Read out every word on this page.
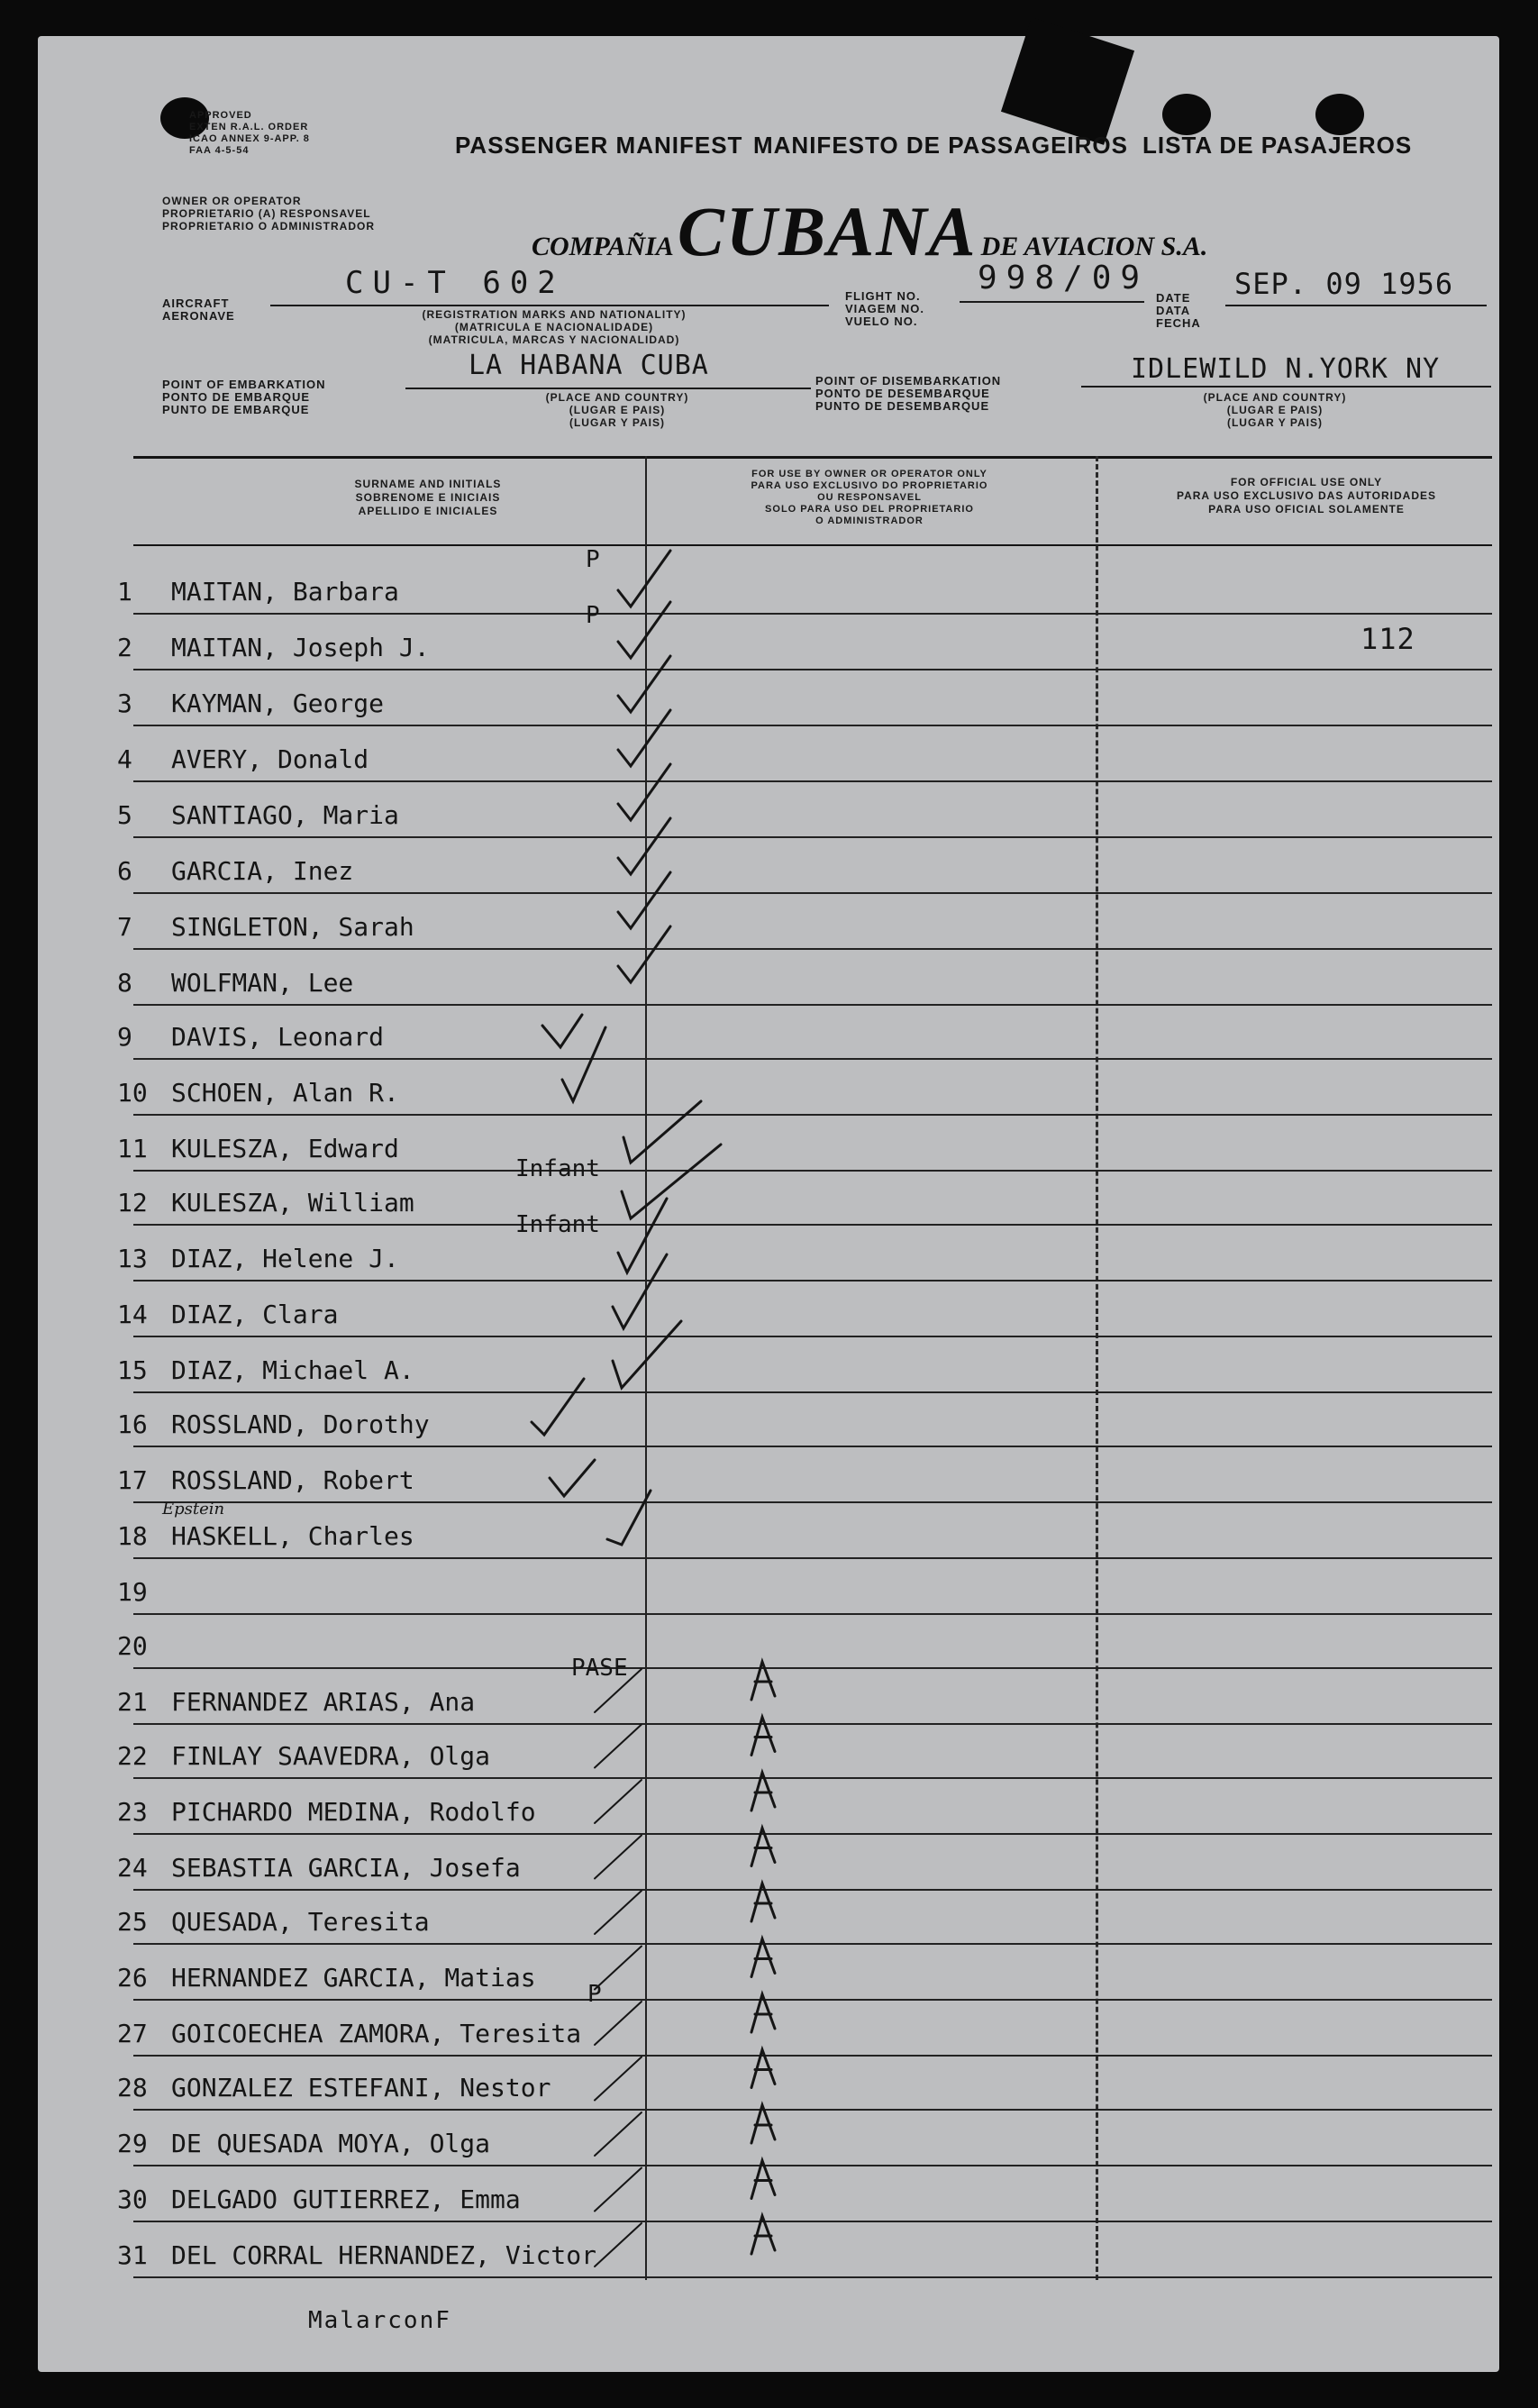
APPROVED
EXTEN R.A.L. ORDER
ICAO ANNEX 9-APP. 8
FAA 4-5-54	PASSENGER MANIFEST MANIFESTO DE PASSAGEIROS LISTA DE PASAJEROS
OWNER OR OPERATOR
PROPRIETARIO (A) RESPONSAVEL
PROPRIETARIO O ADMINISTRADOR
COMPAÑIA CUBANA DE AVIACION S.A.
AIRCRAFT
AERONAVE
CU-T 602
(REGISTRATION MARKS AND NATIONALITY)
(MATRICULA E NACIONALIDADE)
(MATRICULA, MARCAS Y NACIONALIDAD)
FLIGHT NO.
VIAGEM NO.
VUELO NO.
998/09
DATE
DATA
FECHA
SEP. 09 1956
POINT OF EMBARKATION
PONTO DE EMBARQUE
PUNTO DE EMBARQUE
LA HABANA CUBA
(PLACE AND COUNTRY)
(LUGAR E PAIS)
(LUGAR Y PAIS)
POINT OF DISEMBARKATION
PONTO DE DESEMBARQUE
PUNTO DE DESEMBARQUE
IDLEWILD N.YORK NY
(PLACE AND COUNTRY)
(LUGAR E PAIS)
(LUGAR Y PAIS)
SURNAME AND INITIALS
SOBRENOME E INICIAIS
APELLIDO E INICIALES
FOR USE BY OWNER OR OPERATOR ONLY
PARA USO EXCLUSIVO DO PROPRIETARIO
OU RESPONSAVEL
SOLO PARA USO DEL PROPRIETARIO
O ADMINISTRADOR
FOR OFFICIAL USE ONLY
PARA USO EXCLUSIVO DAS AUTORIDADES
PARA USO OFICIAL SOLAMENTE
1	MAITAN, Barbara
P
2	MAITAN, Joseph J.
P
3	KAYMAN, George
4	AVERY, Donald
5	SANTIAGO, Maria
6	GARCIA, Inez
7	SINGLETON, Sarah
8	WOLFMAN, Lee
9	DAVIS, Leonard
10 SCHOEN, Alan R.
11 KULESZA, Edward
12 KULESZA, William
Infant
13 DIAZ, Helene J.
Infant
14 DIAZ, Clara
15 DIAZ, Michael A.
16 ROSSLAND, Dorothy
17 ROSSLAND, Robert
18 HASKELL, Charles
Epstein
19
20
21 FERNANDEZ ARIAS, Ana
PASE
22 FINLAY SAAVEDRA, Olga
23 PICHARDO MEDINA, Rodolfo
24 SEBASTIA GARCIA, Josefa
25 QUESADA, Teresita
26 HERNANDEZ GARCIA, Matias
27 GOICOECHEA ZAMORA, Teresita
P
28 GONZALEZ ESTEFANI, Nestor
29 DE QUESADA MOYA, Olga
30 DELGADO GUTIERREZ, Emma
31 DEL CORRAL HERNANDEZ, Victor
112
MalarconF
